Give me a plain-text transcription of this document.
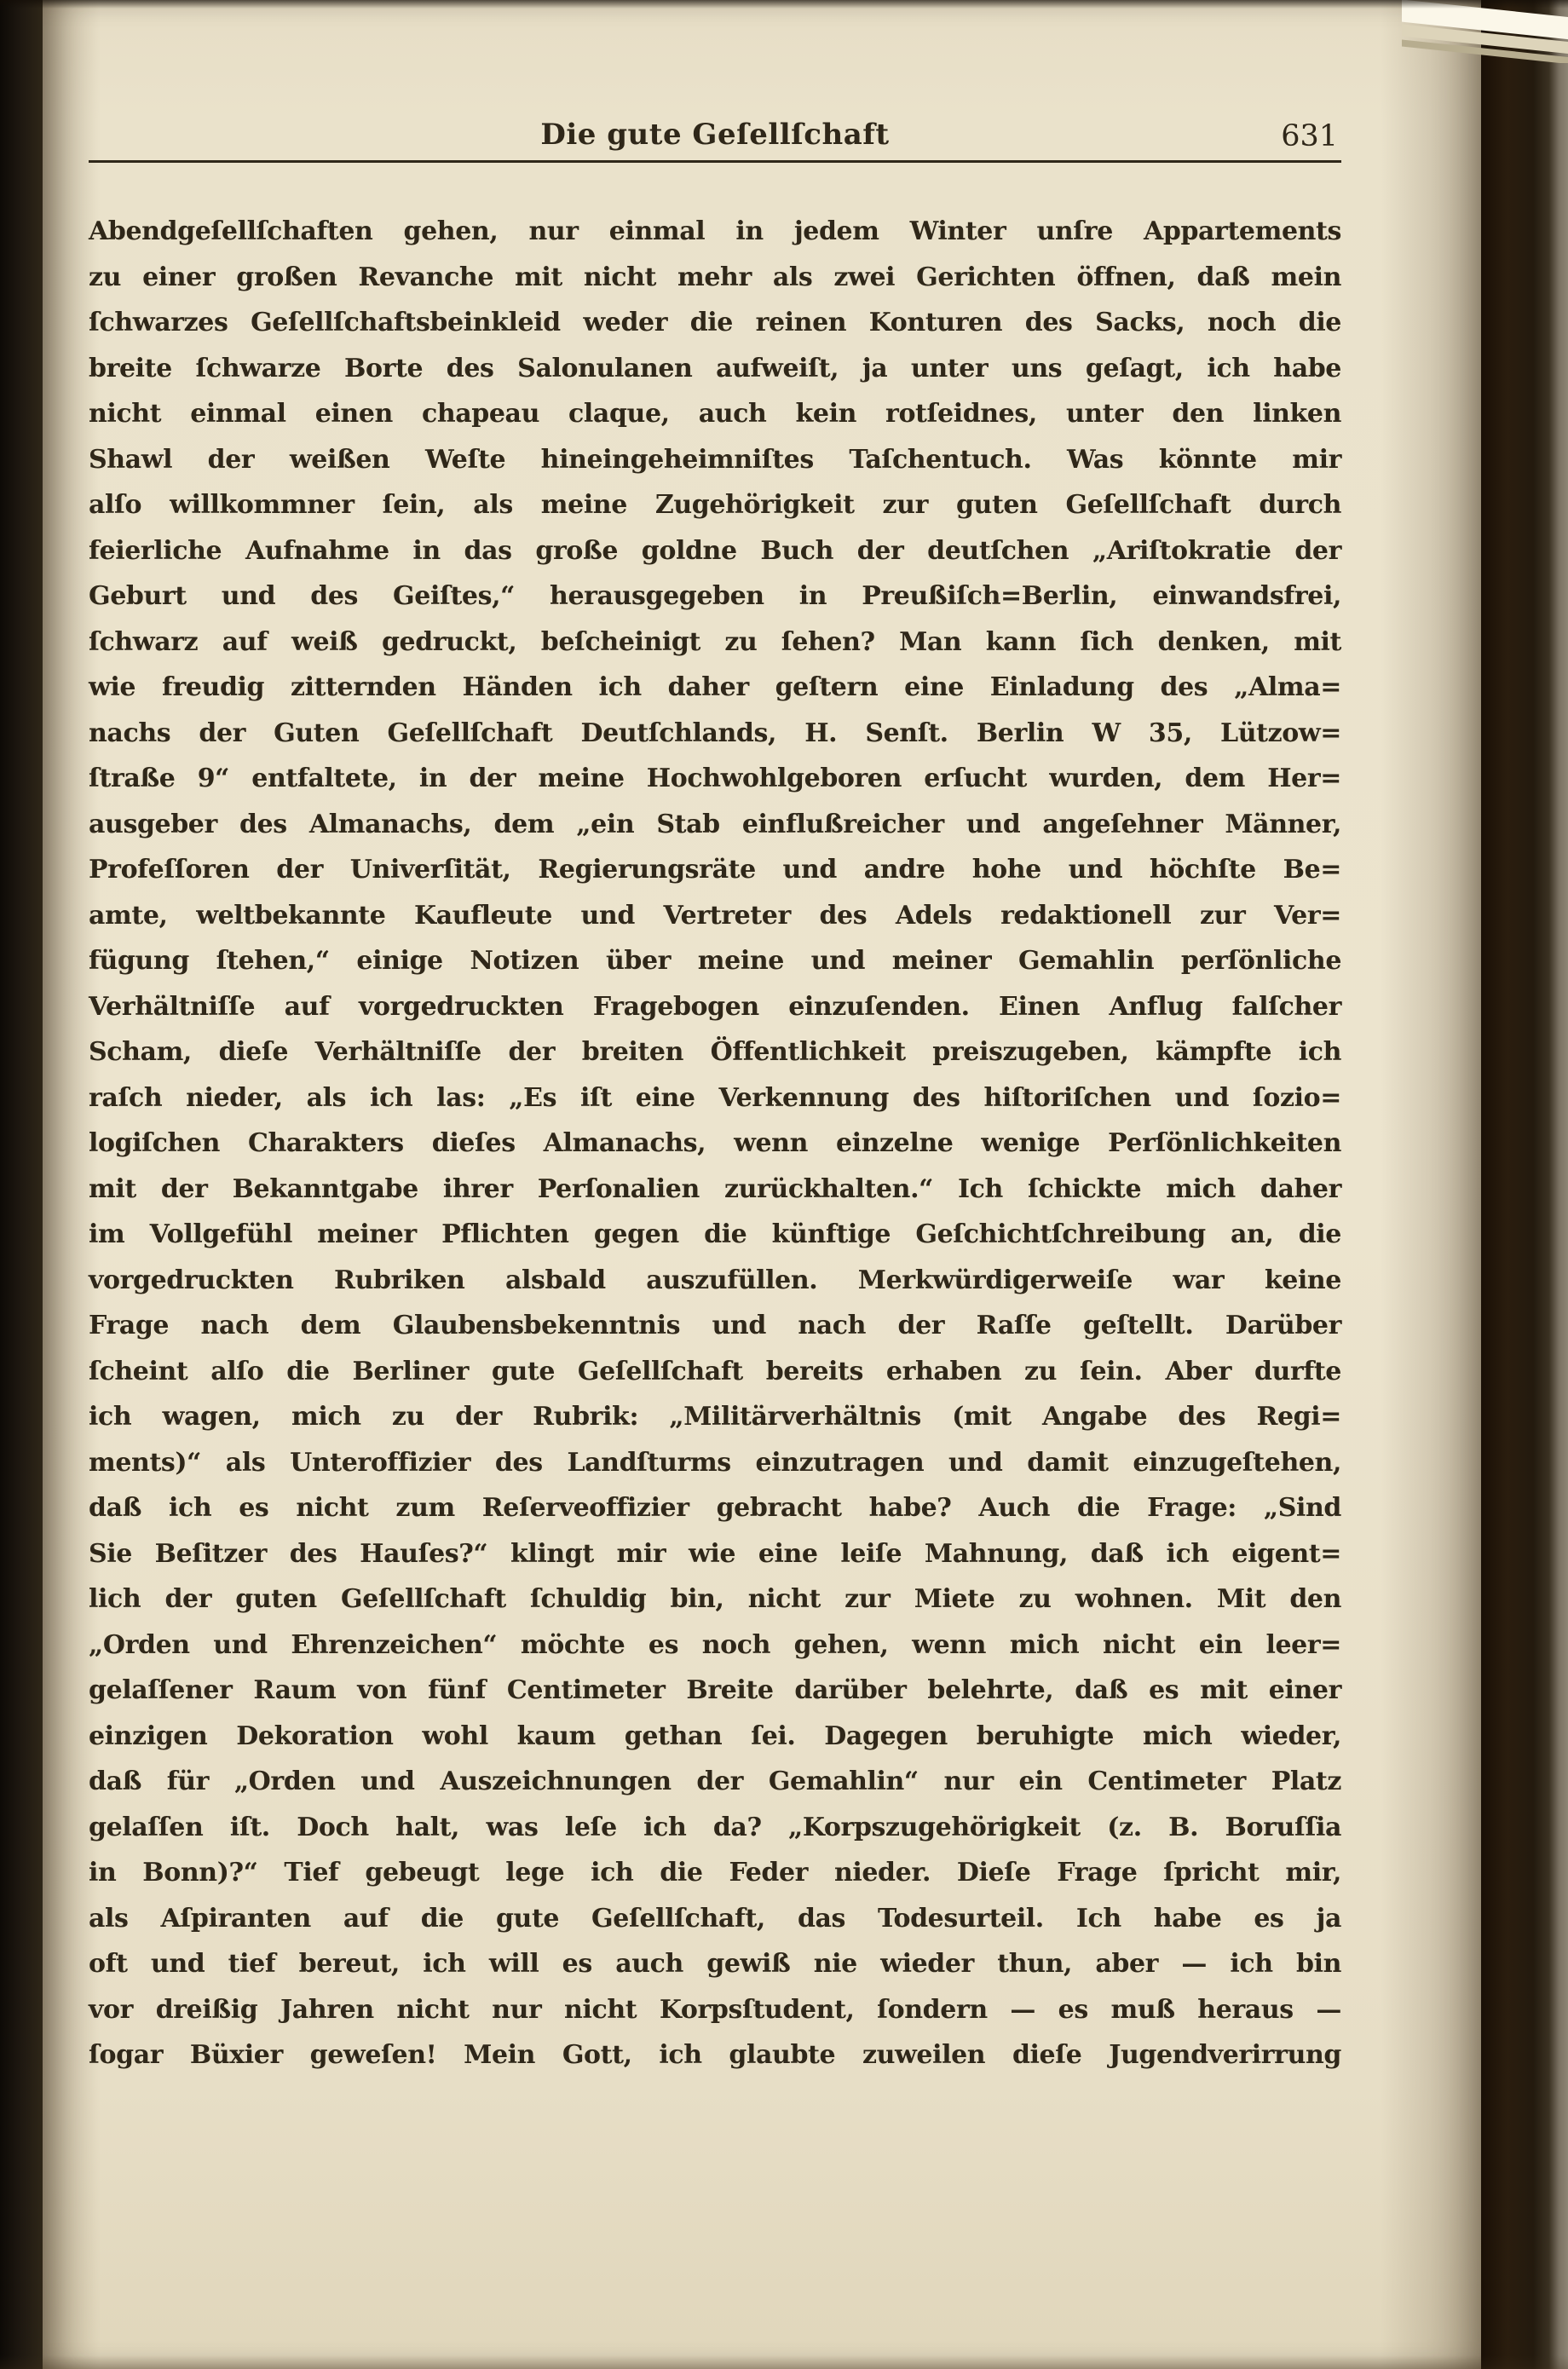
Die gute Geſellſchaft	631
Abendgeſellſchaften gehen, nur einmal in jedem Winter unſre Appartements
zu einer großen Revanche mit nicht mehr als zwei Gerichten öffnen, daß mein
ſchwarzes Geſellſchaftsbeinkleid weder die reinen Konturen des Sacks, noch die
breite ſchwarze Borte des Salonulanen aufweiſt, ja unter uns geſagt, ich habe
nicht einmal einen chapeau claque, auch kein rotſeidnes, unter den linken
Shawl der weißen Weſte hineingeheimniſtes Taſchentuch. Was könnte mir
alſo willkommner ſein, als meine Zugehörigkeit zur guten Geſellſchaft durch
feierliche Aufnahme in das große goldne Buch der deutſchen „Ariſtokratie der
Geburt und des Geiſtes,“ herausgegeben in Preußiſch=Berlin, einwandsfrei,
ſchwarz auf weiß gedruckt, beſcheinigt zu ſehen? Man kann ſich denken, mit
wie freudig zitternden Händen ich daher geſtern eine Einladung des „Alma=
nachs der Guten Geſellſchaft Deutſchlands, H. Senſt. Berlin W 35, Lützow=
ſtraße 9“ entfaltete, in der meine Hochwohlgeboren erſucht wurden, dem Her=
ausgeber des Almanachs, dem „ein Stab einflußreicher und angeſehner Männer,
Profeſſoren der Univerſität, Regierungsräte und andre hohe und höchſte Be=
amte, weltbekannte Kaufleute und Vertreter des Adels redaktionell zur Ver=
fügung ſtehen,“ einige Notizen über meine und meiner Gemahlin perſönliche
Verhältniſſe auf vorgedruckten Fragebogen einzuſenden. Einen Anflug falſcher
Scham, dieſe Verhältniſſe der breiten Öffentlichkeit preiszugeben, kämpfte ich
raſch nieder, als ich las: „Es iſt eine Verkennung des hiſtoriſchen und ſozio=
logiſchen Charakters dieſes Almanachs, wenn einzelne wenige Perſönlichkeiten
mit der Bekanntgabe ihrer Perſonalien zurückhalten.“ Ich ſchickte mich daher
im Vollgefühl meiner Pflichten gegen die künftige Geſchichtſchreibung an, die
vorgedruckten Rubriken alsbald auszufüllen. Merkwürdigerweiſe war keine
Frage nach dem Glaubensbekenntnis und nach der Raſſe geſtellt. Darüber
ſcheint alſo die Berliner gute Geſellſchaft bereits erhaben zu ſein. Aber durfte
ich wagen, mich zu der Rubrik: „Militärverhältnis (mit Angabe des Regi=
ments)“ als Unteroffizier des Landſturms einzutragen und damit einzugeſtehen,
daß ich es nicht zum Reſerveoffizier gebracht habe? Auch die Frage: „Sind
Sie Beſitzer des Hauſes?“ klingt mir wie eine leiſe Mahnung, daß ich eigent=
lich der guten Geſellſchaft ſchuldig bin, nicht zur Miete zu wohnen. Mit den
„Orden und Ehrenzeichen“ möchte es noch gehen, wenn mich nicht ein leer=
gelaſſener Raum von fünf Centimeter Breite darüber belehrte, daß es mit einer
einzigen Dekoration wohl kaum gethan ſei. Dagegen beruhigte mich wieder,
daß für „Orden und Auszeichnungen der Gemahlin“ nur ein Centimeter Platz
gelaſſen iſt. Doch halt, was leſe ich da? „Korpszugehörigkeit (z. B. Boruſſia
in Bonn)?“ Tief gebeugt lege ich die Feder nieder. Dieſe Frage ſpricht mir,
als Aſpiranten auf die gute Geſellſchaft, das Todesurteil. Ich habe es ja
oft und tief bereut, ich will es auch gewiß nie wieder thun, aber — ich bin
vor dreißig Jahren nicht nur nicht Korpsſtudent, ſondern — es muß heraus —
ſogar Büxier geweſen! Mein Gott, ich glaubte zuweilen dieſe Jugendverirrung
